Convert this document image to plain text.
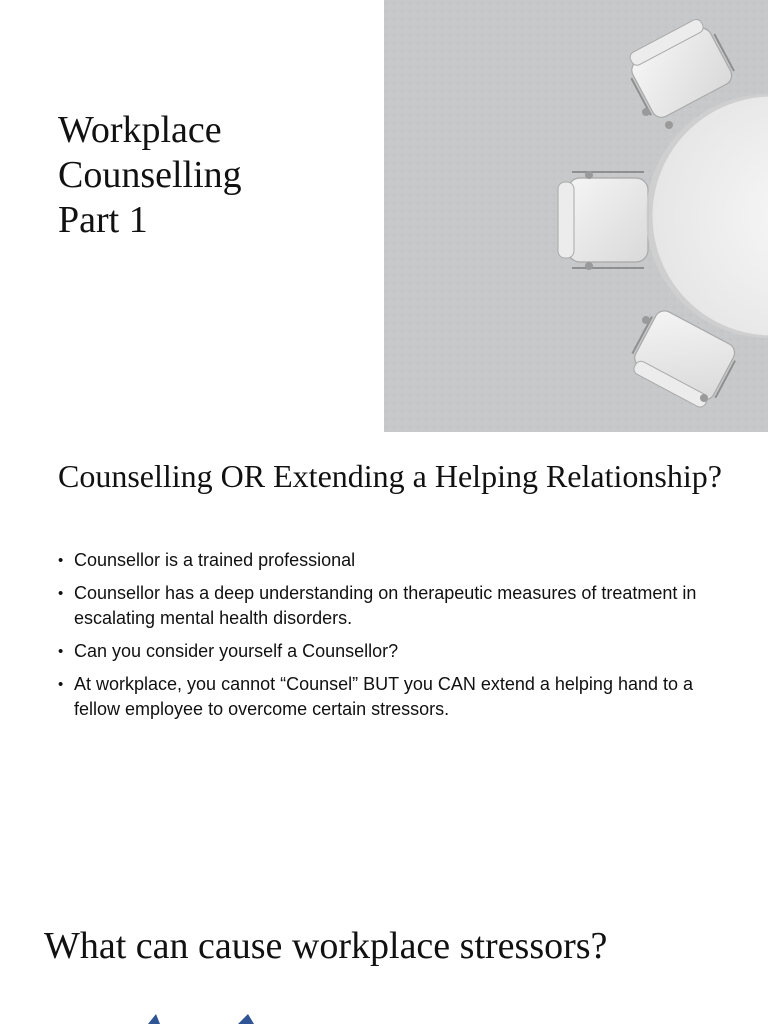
Workplace
Counselling
Part 1
Counselling OR Extending a Helping Relationship?
• Counsellor is a trained professional
• Counsellor has a deep understanding on therapeutic measures of treatment in escalating mental health disorders.
• Can you consider yourself a Counsellor?
• At workplace, you cannot “Counsel” BUT you CAN extend a helping hand to a fellow employee to overcome certain stressors.
What can cause workplace stressors?
